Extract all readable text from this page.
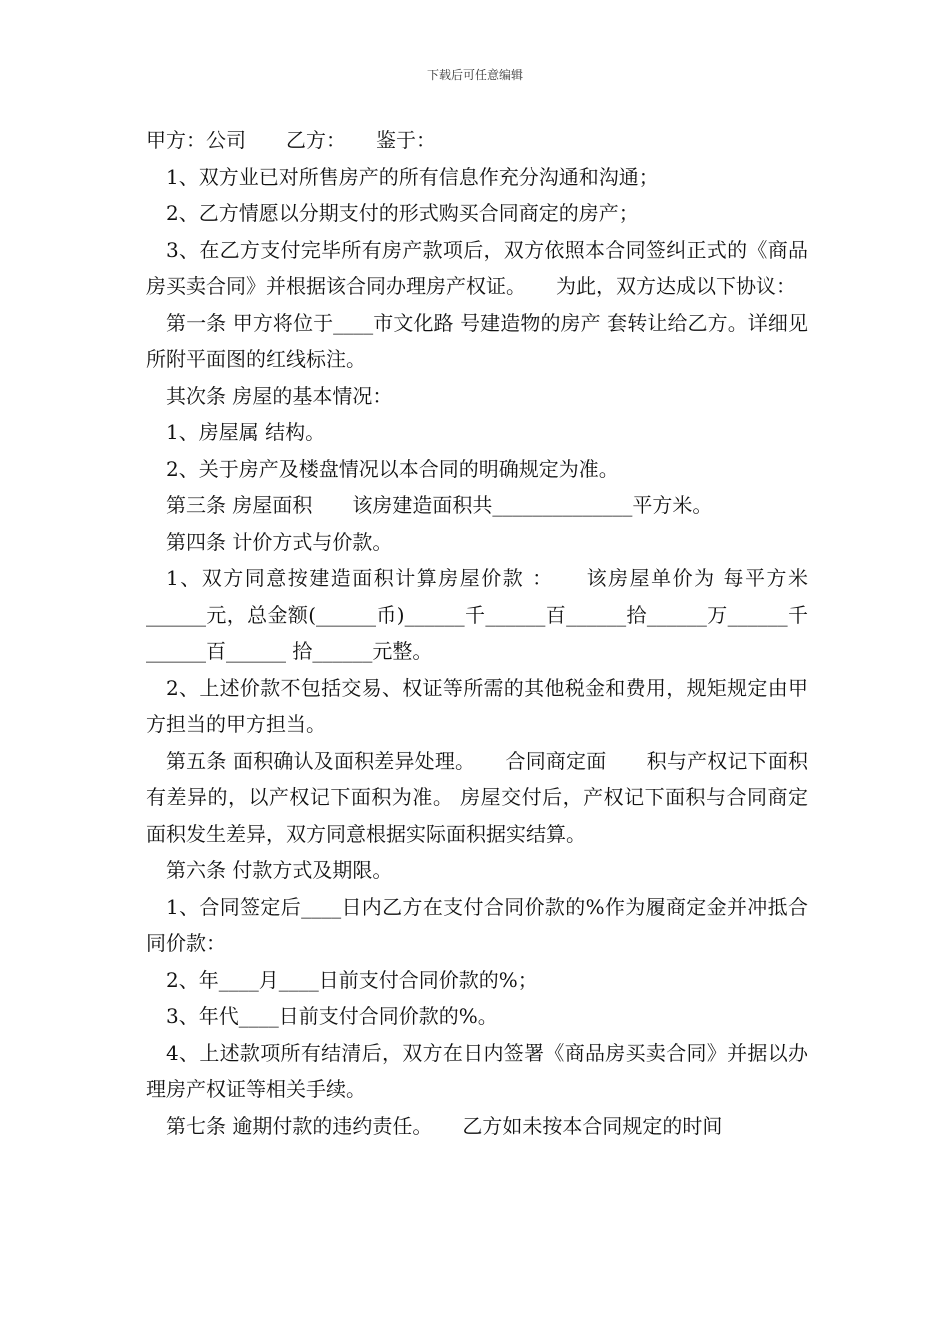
下载后可任意编辑

甲方：公司　　乙方：　　鉴于：

1、双方业已对所售房产的所有信息作充分沟通和沟通；

2、乙方情愿以分期支付的形式购买合同商定的房产；

3、在乙方支付完毕所有房产款项后，双方依照本合同签纠正式的《商品房买卖合同》并根据该合同办理房产权证。　　为此，双方达成以下协议：

第一条 甲方将位于____市文化路 号建造物的房产 套转让给乙方。详细见所附平面图的红线标注。

其次条 房屋的基本情况：

1、房屋属 结构。

2、关于房产及楼盘情况以本合同的明确规定为准。

第三条 房屋面积　　该房建造面积共______________平方米。

第四条 计价方式与价款。

1、双方同意按建造面积计算房屋价款 ：　　该房屋单价为 每平方米______元，总金额(______币)______千______百______拾______万______千______百______ 拾______元整。

2、上述价款不包括交易、权证等所需的其他税金和费用，规矩规定由甲方担当的甲方担当。

第五条 面积确认及面积差异处理。　　合同商定面　　积与产权记下面积有差异的，以产权记下面积为准。 房屋交付后，产权记下面积与合同商定面积发生差异，双方同意根据实际面积据实结算。

第六条 付款方式及期限。

1、合同签定后____日内乙方在支付合同价款的%作为履商定金并冲抵合同价款：

2、年____月____日前支付合同价款的%；

3、年代____日前支付合同价款的%。

4、上述款项所有结清后，双方在日内签署《商品房买卖合同》并据以办理房产权证等相关手续。

第七条 逾期付款的违约责任。　　乙方如未按本合同规定的时间
